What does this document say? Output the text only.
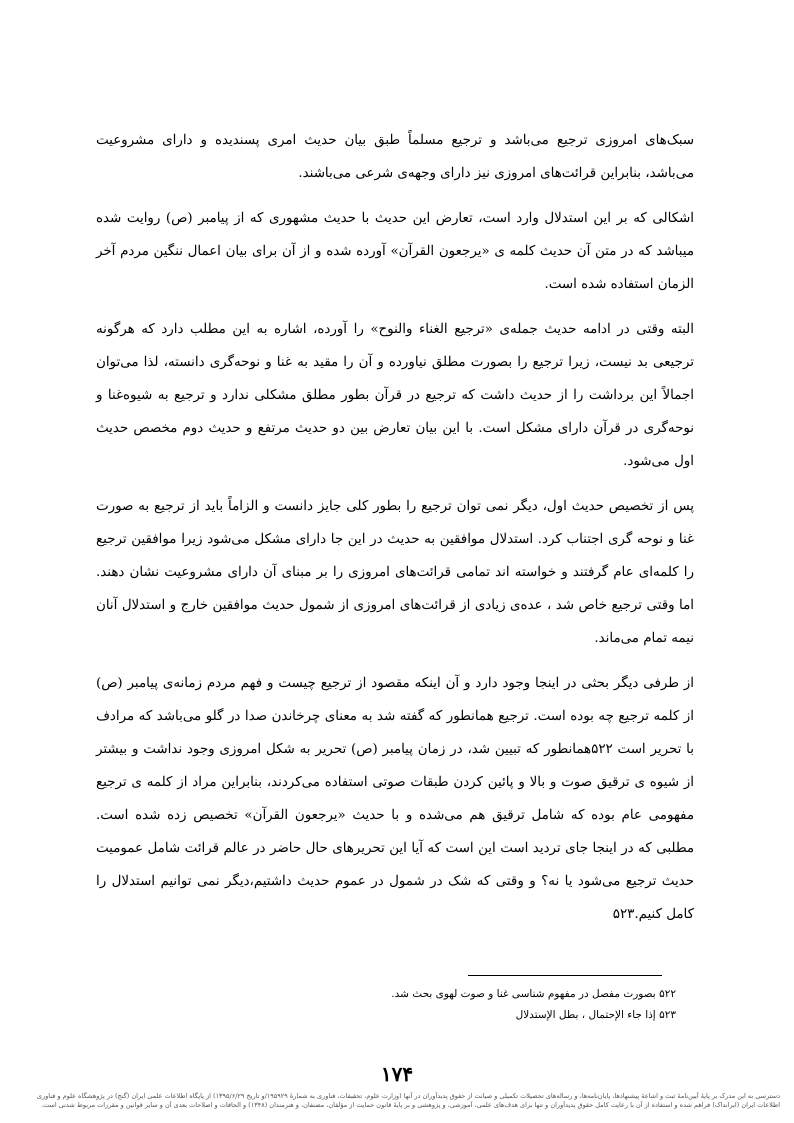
سبک‌های امروزی ترجیع می‌باشد و ترجیع مسلماً طبق بیان حدیث امری پسندیده و دارای مشروعیت می‌باشد، بنابراین قرائت‌های امروزی نیز دارای وجهه‌ی شرعی می‌باشند.

اشکالی که بر این استدلال وارد است، تعارض این حدیث با حدیث مشهوری که از پیامبر (ص) روایت شده میباشد که در متن آن حدیث کلمه ی «یرجعون القرآن» آورده شده و از آن برای بیان اعمال ننگین مردم آخر الزمان استفاده شده است.

البته وقتی در ادامه حدیث جمله‌ی «ترجیع الغناء والنوح» را آورده، اشاره به این مطلب دارد که هرگونه ترجیعی بد نیست، زیرا ترجیع را بصورت مطلق نیاورده و آن را مقید به غنا و نوحه‌گری دانسته، لذا می‌توان اجمالاً این برداشت را از حدیث داشت که ترجیع در قرآن بطور مطلق مشکلی ندارد و ترجیع به شیوه‌غنا و نوحه‌گری در قرآن دارای مشکل است. با این بیان تعارض بین دو حدیث مرتفع و حدیث دوم مخصص حدیث اول می‌شود.

پس از تخصیص حدیث اول، دیگر نمی توان ترجیع را بطور کلی جایز دانست و الزاماً باید از ترجیع به صورت غنا و نوحه گری اجتناب کرد. استدلال موافقین به حدیث در این جا دارای مشکل می‌شود زیرا موافقین ترجیع را کلمه‌ای عام گرفتند و خواسته اند تمامی قرائت‌های امروزی را بر مبنای آن دارای مشروعیت نشان دهند. اما وقتی ترجیع خاص شد ، عده‌ی زیادی از قرائت‌های امروزی از شمول حدیث موافقین خارج و استدلال آنان نیمه تمام می‌ماند.

از طرفی دیگر بحثی در اینجا وجود دارد و آن اینکه مقصود از ترجیع چیست و فهم مردم زمانه‌ی پیامبر (ص) از کلمه ترجیع چه بوده است. ترجیع همانطور که گفته شد به معنای چرخاندن صدا در گلو می‌باشد که مرادف با تحریر است ۵۲۲همانطور که تبیین شد، در زمان پیامبر (ص) تحریر به شکل امروزی وجود نداشت و بیشتر از شیوه ی ترقیق صوت و بالا و پائین کردن طبقات صوتی استفاده می‌کردند، بنابراین مراد از کلمه ی ترجیع مفهومی عام بوده که شامل ترقیق هم می‌شده و با حدیث «یرجعون القرآن» تخصیص زده شده است. مطلبی که در اینجا جای تردید است این است که آیا این تحریرهای حال حاضر در عالم قرائت شامل عمومیت حدیث ترجیع می‌شود یا نه؟ و وقتی که شک در شمول در عموم حدیث داشتیم،دیگر نمی توانیم استدلال را کامل کنیم.۵۲۳

۵۲۲ بصورت مفصل در مفهوم شناسی غنا و صوت لهوی بحث شد.

۵۲۳ إذا جاء الإحتمال ، بطل الإستدلال

۱۷۴

دسترسی به این مدرک بر پایهٔ آیین‌نامهٔ ثبت و اشاعهٔ پیشنهادها، پایان‌نامه‌ها، و رساله‌های تحصیلات تکمیلی و صیانت از حقوق پدیدآوران در آنها (وزارت علوم، تحقیقات، فناوری به شمارهٔ ۱۹۵۹۲۹/و تاریخ ۱۳۹۵/۶/۲۹) از پایگاه اطلاعات علمی ایران (گنج) در پژوهشگاه علوم و فناوری

اطلاعات ایران (ایرانداک) فراهم شده و استفاده از آن با رعایت کامل حقوق پدیدآوران و تنها برای هدف‌های علمی، آموزشی، و پژوهشی و بر پایهٔ قانون حمایت از مؤلفان، مصنفان، و هنرمندان (۱۳۴۸) و الحاقات و اصلاحات بعدی آن و سایر قوانین و مقررات مربوط شدنی است.
